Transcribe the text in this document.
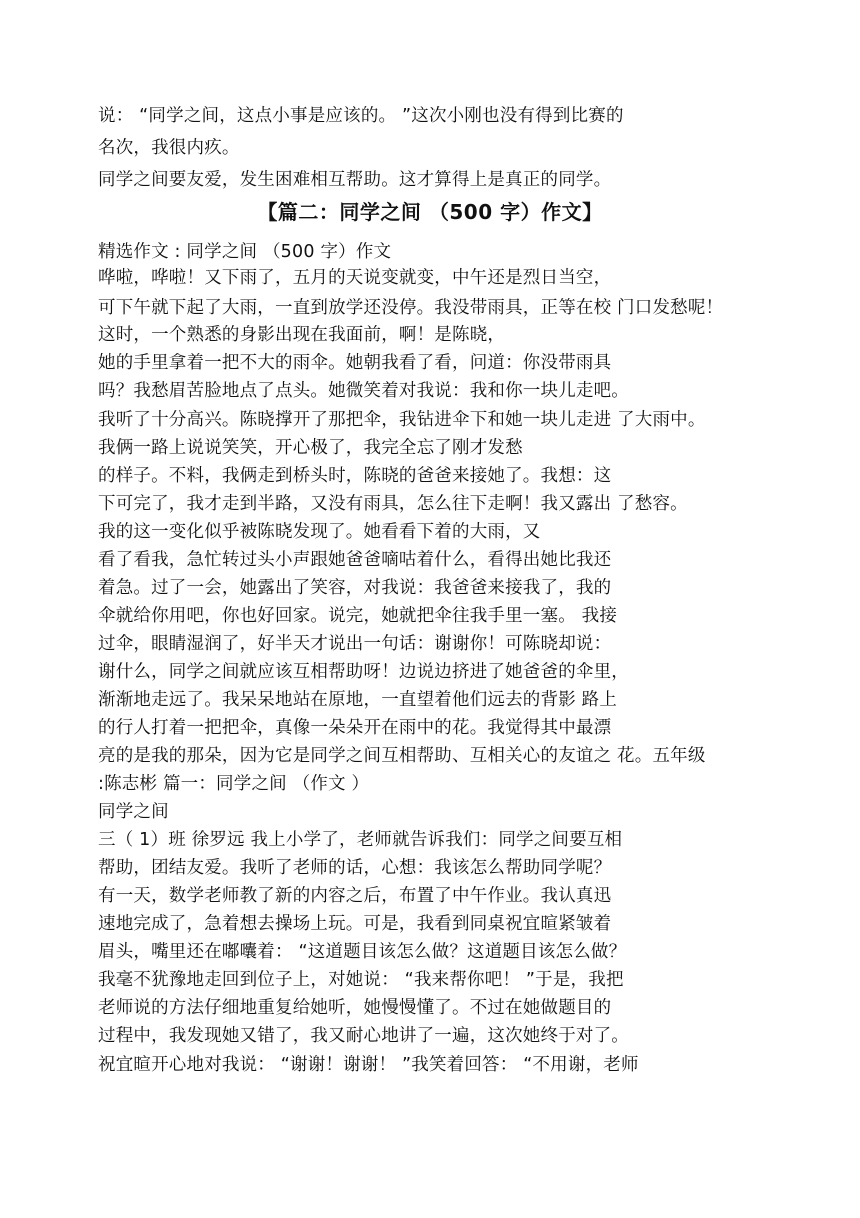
说： “同学之间，这点小事是应该的。 ”这次小刚也没有得到比赛的
名次，我很内疚。
同学之间要友爱，发生困难相互帮助。这才算得上是真正的同学。
【篇二：同学之间 （500 字）作文】
精选作文 : 同学之间 （500 字）作文
哗啦，哗啦！又下雨了，五月的天说变就变，中午还是烈日当空，
可下午就下起了大雨，一直到放学还没停。我没带雨具，正等在校 门口发愁呢！
这时，一个熟悉的身影出现在我面前，啊！是陈晓，
她的手里拿着一把不大的雨伞。她朝我看了看，问道：你没带雨具
吗？我愁眉苦脸地点了点头。她微笑着对我说：我和你一块儿走吧。
我听了十分高兴。陈晓撑开了那把伞，我钻进伞下和她一块儿走进 了大雨中。
我俩一路上说说笑笑，开心极了，我完全忘了刚才发愁
的样子。不料，我俩走到桥头时，陈晓的爸爸来接她了。我想：这
下可完了，我才走到半路，又没有雨具，怎么往下走啊！我又露出 了愁容。
我的这一变化似乎被陈晓发现了。她看看下着的大雨，又
看了看我，急忙转过头小声跟她爸爸嘀咕着什么，看得出她比我还
着急。过了一会，她露出了笑容，对我说：我爸爸来接我了，我的
伞就给你用吧，你也好回家。说完，她就把伞往我手里一塞。 我接
过伞，眼睛湿润了，好半天才说出一句话：谢谢你！可陈晓却说：
谢什么，同学之间就应该互相帮助呀！边说边挤进了她爸爸的伞里，
渐渐地走远了。我呆呆地站在原地，一直望着他们远去的背影 路上
的行人打着一把把伞，真像一朵朵开在雨中的花。我觉得其中最漂
亮的是我的那朵，因为它是同学之间互相帮助、互相关心的友谊之 花。五年级
:陈志彬 篇一：同学之间 （作文 ）
同学之间
三（ 1）班 徐罗远 我上小学了，老师就告诉我们：同学之间要互相
帮助，团结友爱。我听了老师的话，心想：我该怎么帮助同学呢？
有一天，数学老师教了新的内容之后，布置了中午作业。我认真迅
速地完成了，急着想去操场上玩。可是，我看到同桌祝宜暄紧皱着
眉头，嘴里还在嘟囔着： “这道题目该怎么做？这道题目该怎么做？
我毫不犹豫地走回到位子上，对她说： “我来帮你吧！ ”于是，我把
老师说的方法仔细地重复给她听，她慢慢懂了。不过在她做题目的
过程中，我发现她又错了，我又耐心地讲了一遍，这次她终于对了。
祝宜暄开心地对我说： “谢谢！谢谢！ ”我笑着回答： “不用谢，老师
